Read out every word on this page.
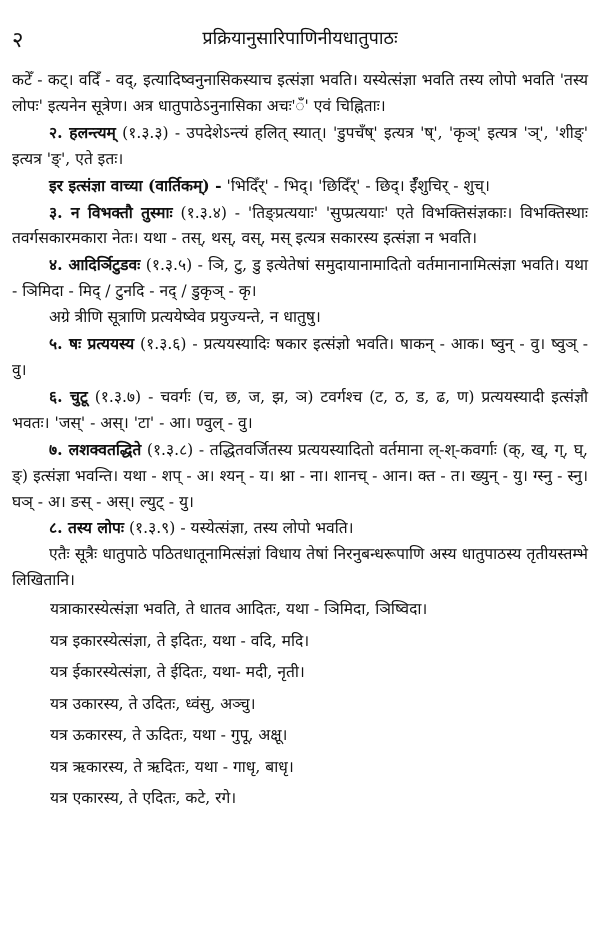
२	प्रक्रियानुसारिपाणिनीयधातुपाठः

कटेँ - कट्। वदिँ - वद्, इत्यादिष्वनुनासिकस्याच इत्संज्ञा भवति। यस्येत्संज्ञा भवति तस्य लोपो भवति 'तस्य लोपः' इत्यनेन सूत्रेण। अत्र धातुपाठेऽनुनासिका अचः'ँ' एवं चिह्निताः।

२. हलन्त्यम् (१.३.३) - उपदेशेऽन्त्यं हलित् स्यात्। 'डुपचँष्' इत्यत्र 'ष्', 'कृञ्' इत्यत्र 'ञ्', 'शीङ्' इत्यत्र 'ङ्', एते इतः।

इर इत्संज्ञा वाच्या (वार्तिकम्) - 'भिदिँर्' - भिद्। 'छिदिँर्' - छिद्। ईँशुचिर् - शुच्।

३. न विभक्तौ तुस्माः (१.३.४) - 'तिङ्प्रत्ययाः' 'सुप्प्रत्ययाः' एते विभक्तिसंज्ञकाः। विभक्तिस्थाः तवर्गसकारमकारा नेतः। यथा - तस्, थस्, वस्, मस् इत्यत्र सकारस्य इत्संज्ञा न भवति।

४. आदिर्ञिटुडवः (१.३.५) - ञि, टु, डु इत्येतेषां समुदायानामादितो वर्तमानानामित्संज्ञा भवति। यथा - ञिमिदा - मिद् / टुनदि - नद् / डुकृञ् - कृ।

अग्रे त्रीणि सूत्राणि प्रत्ययेष्वेव प्रयुज्यन्ते, न धातुषु।

५. षः प्रत्ययस्य (१.३.६) - प्रत्ययस्यादिः षकार इत्संज्ञो भवति। षाकन् - आक। ष्वुन् - वु। ष्वुञ् - वु।

६. चुटू (१.३.७) - चवर्गः (च, छ, ज, झ, ञ) टवर्गश्च (ट, ठ, ड, ढ, ण) प्रत्ययस्यादी इत्संज्ञौ भवतः। 'जस्' - अस्। 'टा' - आ। ण्वुल् - वु।

७. लशक्वतद्धिते (१.३.८) - तद्धितवर्जितस्य प्रत्ययस्यादितो वर्तमाना ल्-श्-कवर्गाः (क्, ख्, ग्, घ्, ङ्) इत्संज्ञा भवन्ति। यथा - शप् - अ। श्यन् - य। श्ना - ना। शानच् - आन। क्त - त। ख्युन् - यु। ग्स्नु - स्नु। घञ् - अ। ङस् - अस्। ल्युट् - यु।

८. तस्य लोपः (१.३.९) - यस्येत्संज्ञा, तस्य लोपो भवति।

एतैः सूत्रैः धातुपाठे पठितधातूनामित्संज्ञां विधाय तेषां निरनुबन्धरूपाणि अस्य धातुपाठस्य तृतीयस्तम्भे लिखितानि।

यत्राकारस्येत्संज्ञा भवति, ते धातव आदितः, यथा - ञिमिदा, ञिष्विदा।

यत्र इकारस्येत्संज्ञा, ते इदितः, यथा - वदि, मदि।

यत्र ईकारस्येत्संज्ञा, ते ईदितः, यथा- मदी, नृती।

यत्र उकारस्य, ते उदितः, ध्वंसु, अञ्चु।

यत्र ऊकारस्य, ते ऊदितः, यथा - गुपू, अक्षू।

यत्र ऋकारस्य, ते ऋदितः, यथा - गाधृ, बाधृ।

यत्र एकारस्य, ते एदितः, कटे, रगे।
